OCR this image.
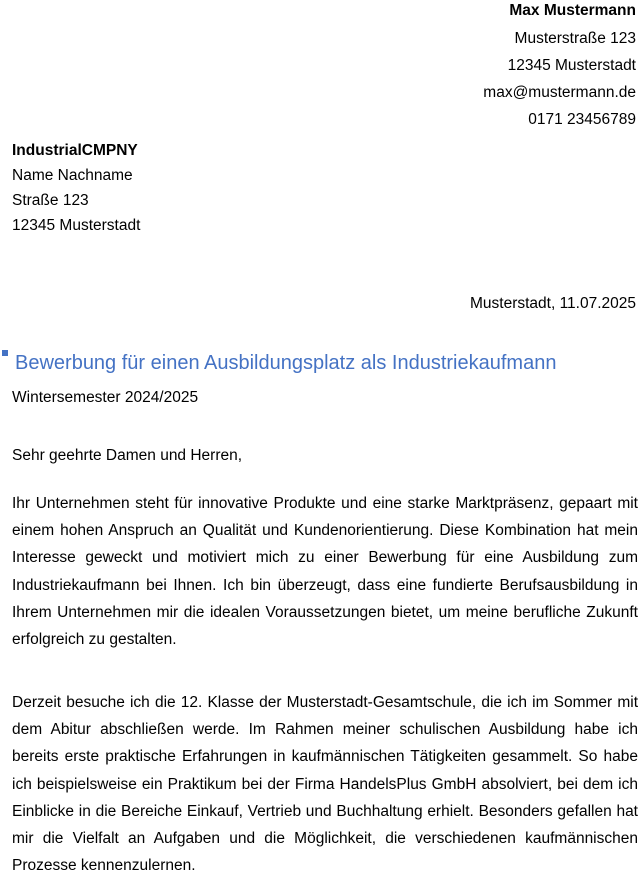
Max Mustermann
Musterstraße 123
12345 Musterstadt
max@mustermann.de
0171 23456789
IndustrialCMPNY
Name Nachname
Straße 123
12345 Musterstadt
Musterstadt, 11.07.2025
Bewerbung für einen Ausbildungsplatz als Industriekaufmann
Wintersemester 2024/2025
Sehr geehrte Damen und Herren,
Ihr Unternehmen steht für innovative Produkte und eine starke Marktpräsenz, gepaart mit einem hohen Anspruch an Qualität und Kundenorientierung. Diese Kombination hat mein Interesse geweckt und motiviert mich zu einer Bewerbung für eine Ausbildung zum Industriekaufmann bei Ihnen. Ich bin überzeugt, dass eine fundierte Berufsausbildung in Ihrem Unternehmen mir die idealen Voraussetzungen bietet, um meine berufliche Zukunft erfolgreich zu gestalten.
Derzeit besuche ich die 12. Klasse der Musterstadt-Gesamtschule, die ich im Sommer mit dem Abitur abschließen werde. Im Rahmen meiner schulischen Ausbildung habe ich bereits erste praktische Erfahrungen in kaufmännischen Tätigkeiten gesammelt. So habe ich beispielsweise ein Praktikum bei der Firma HandelsPlus GmbH absolviert, bei dem ich Einblicke in die Bereiche Einkauf, Vertrieb und Buchhaltung erhielt. Besonders gefallen hat mir die Vielfalt an Aufgaben und die Möglichkeit, die verschiedenen kaufmännischen Prozesse kennenzulernen.
